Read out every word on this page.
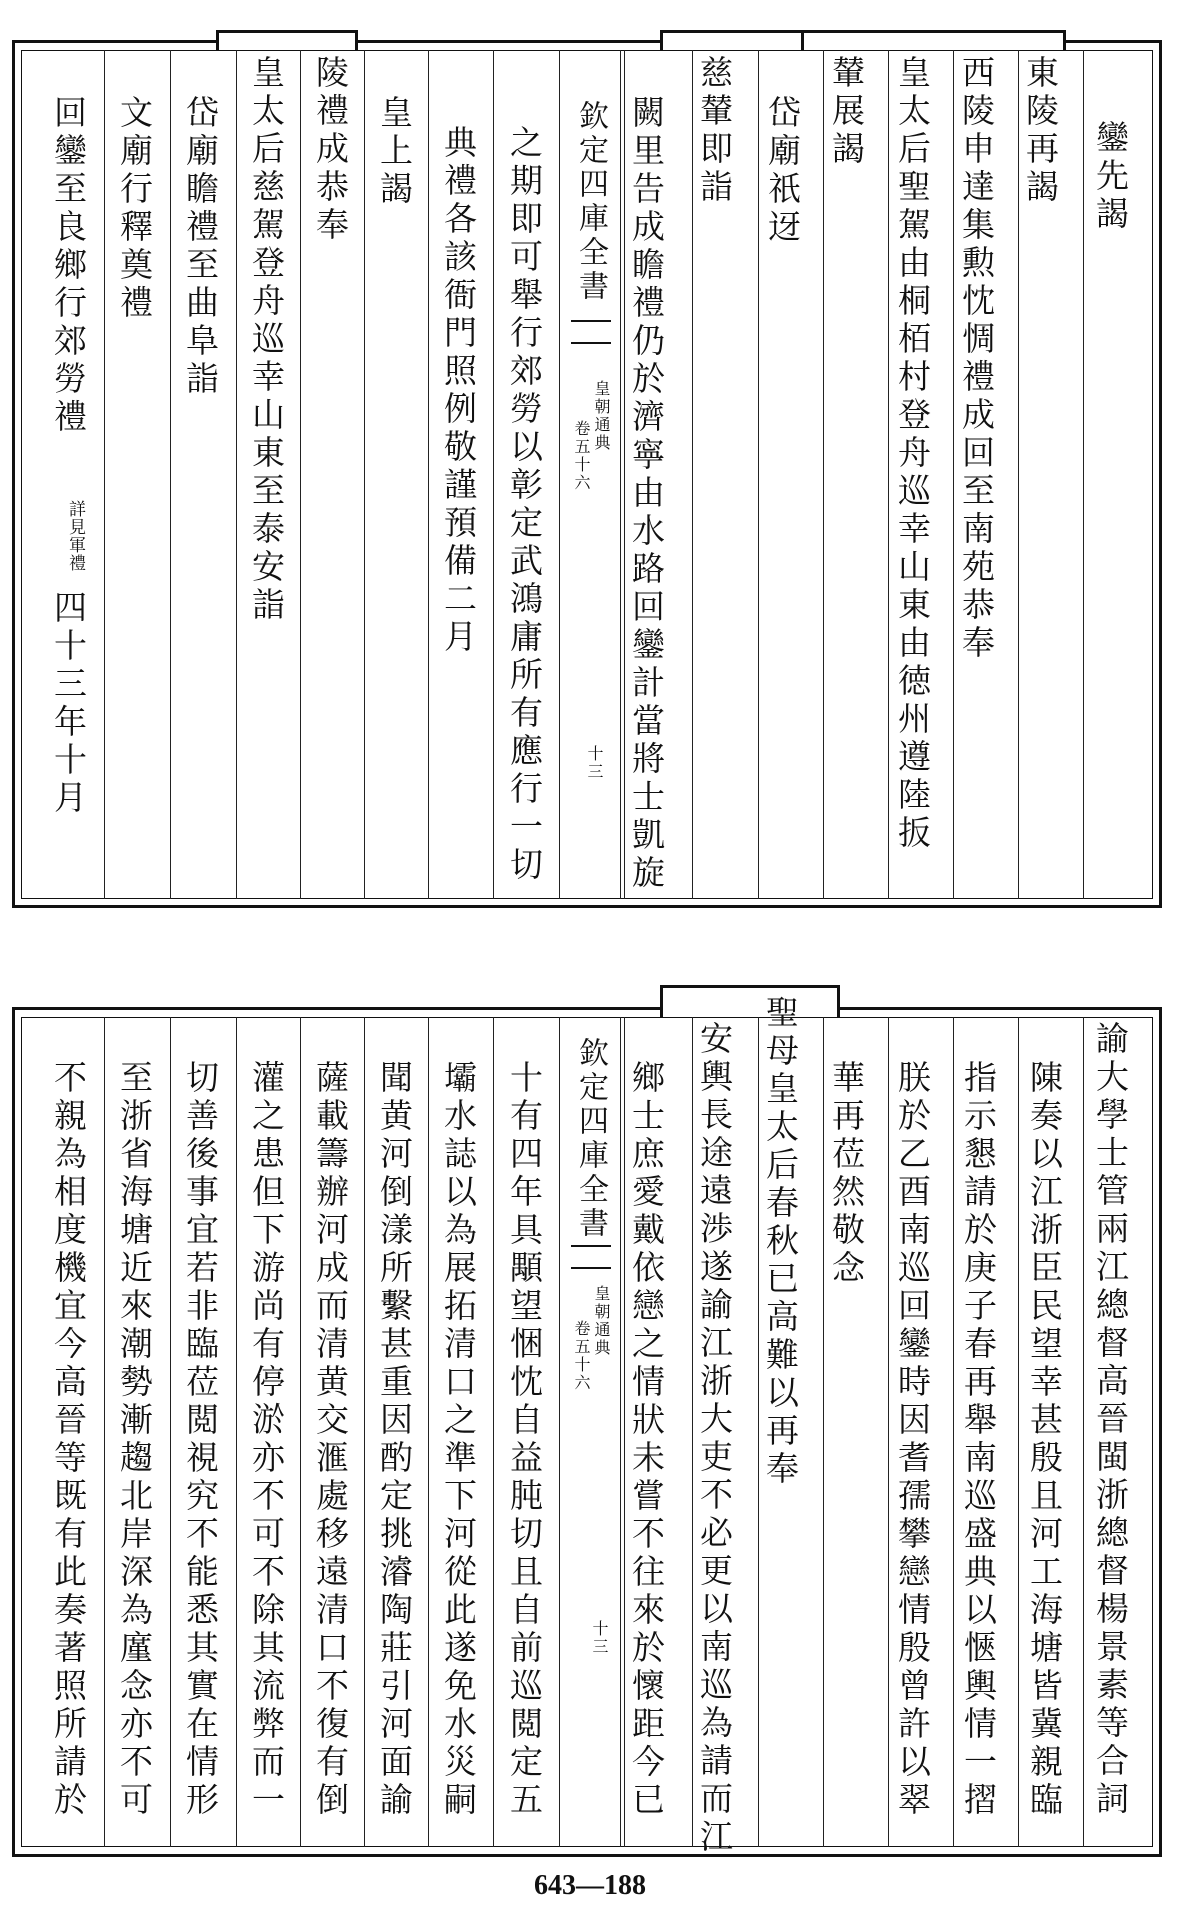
鑾先謁
東陵再謁
西陵申達集勲忱惆禮成回至南苑恭奉
皇太后聖駕由桐栢村登舟巡幸山東由徳州遵陸扳
輦展謁
岱廟祇迓
慈輦即詣
闕里告成瞻禮仍於濟寧由水路回鑾計當將士凱旋
欽定四庫全書
皇朝通典
卷五十六
十三
之期即可舉行郊勞以彰定武鴻庸所有應行一切
典禮各該衙門照例敬謹預備二月
皇上謁
陵禮成恭奉
皇太后慈駕登舟巡幸山東至泰安詣
岱廟瞻禮至曲阜詣
文廟行釋奠禮
回鑾至良鄉行郊勞禮
詳見軍禮
四十三年十月
諭大學士管兩江總督高晉閩浙總督楊景素等合詞
陳奏以江浙臣民望幸甚殷且河工海塘皆冀親臨
指示懇請於庚子春再舉南巡盛典以愜輿情一摺
朕於乙酉南巡回鑾時因耆孺攀戀情殷曾許以翠
華再莅然敬念
聖母皇太后春秋已高難以再奉
安輿長途遠渉遂諭江浙大吏不必更以南巡為請而江
鄉士庶愛戴依戀之情狀未嘗不往來於懷距今已
欽定四庫全書
皇朝通典
卷五十六
十三
十有四年具顒望悃忱自益肫切且自前巡閲定五
壩水誌以為展拓清口之準下河從此遂免水災嗣
聞黄河倒漾所繫甚重因酌定挑濬陶莊引河面諭
薩載籌辦河成而清黄交滙處移遠清口不復有倒
灌之患但下游尚有停淤亦不可不除其流弊而一
切善後事宜若非臨莅閲視究不能悉其實在情形
至浙省海塘近來潮勢漸趨北岸深為廑念亦不可
不親為相度機宜今高晉等既有此奏著照所請於
643—188
